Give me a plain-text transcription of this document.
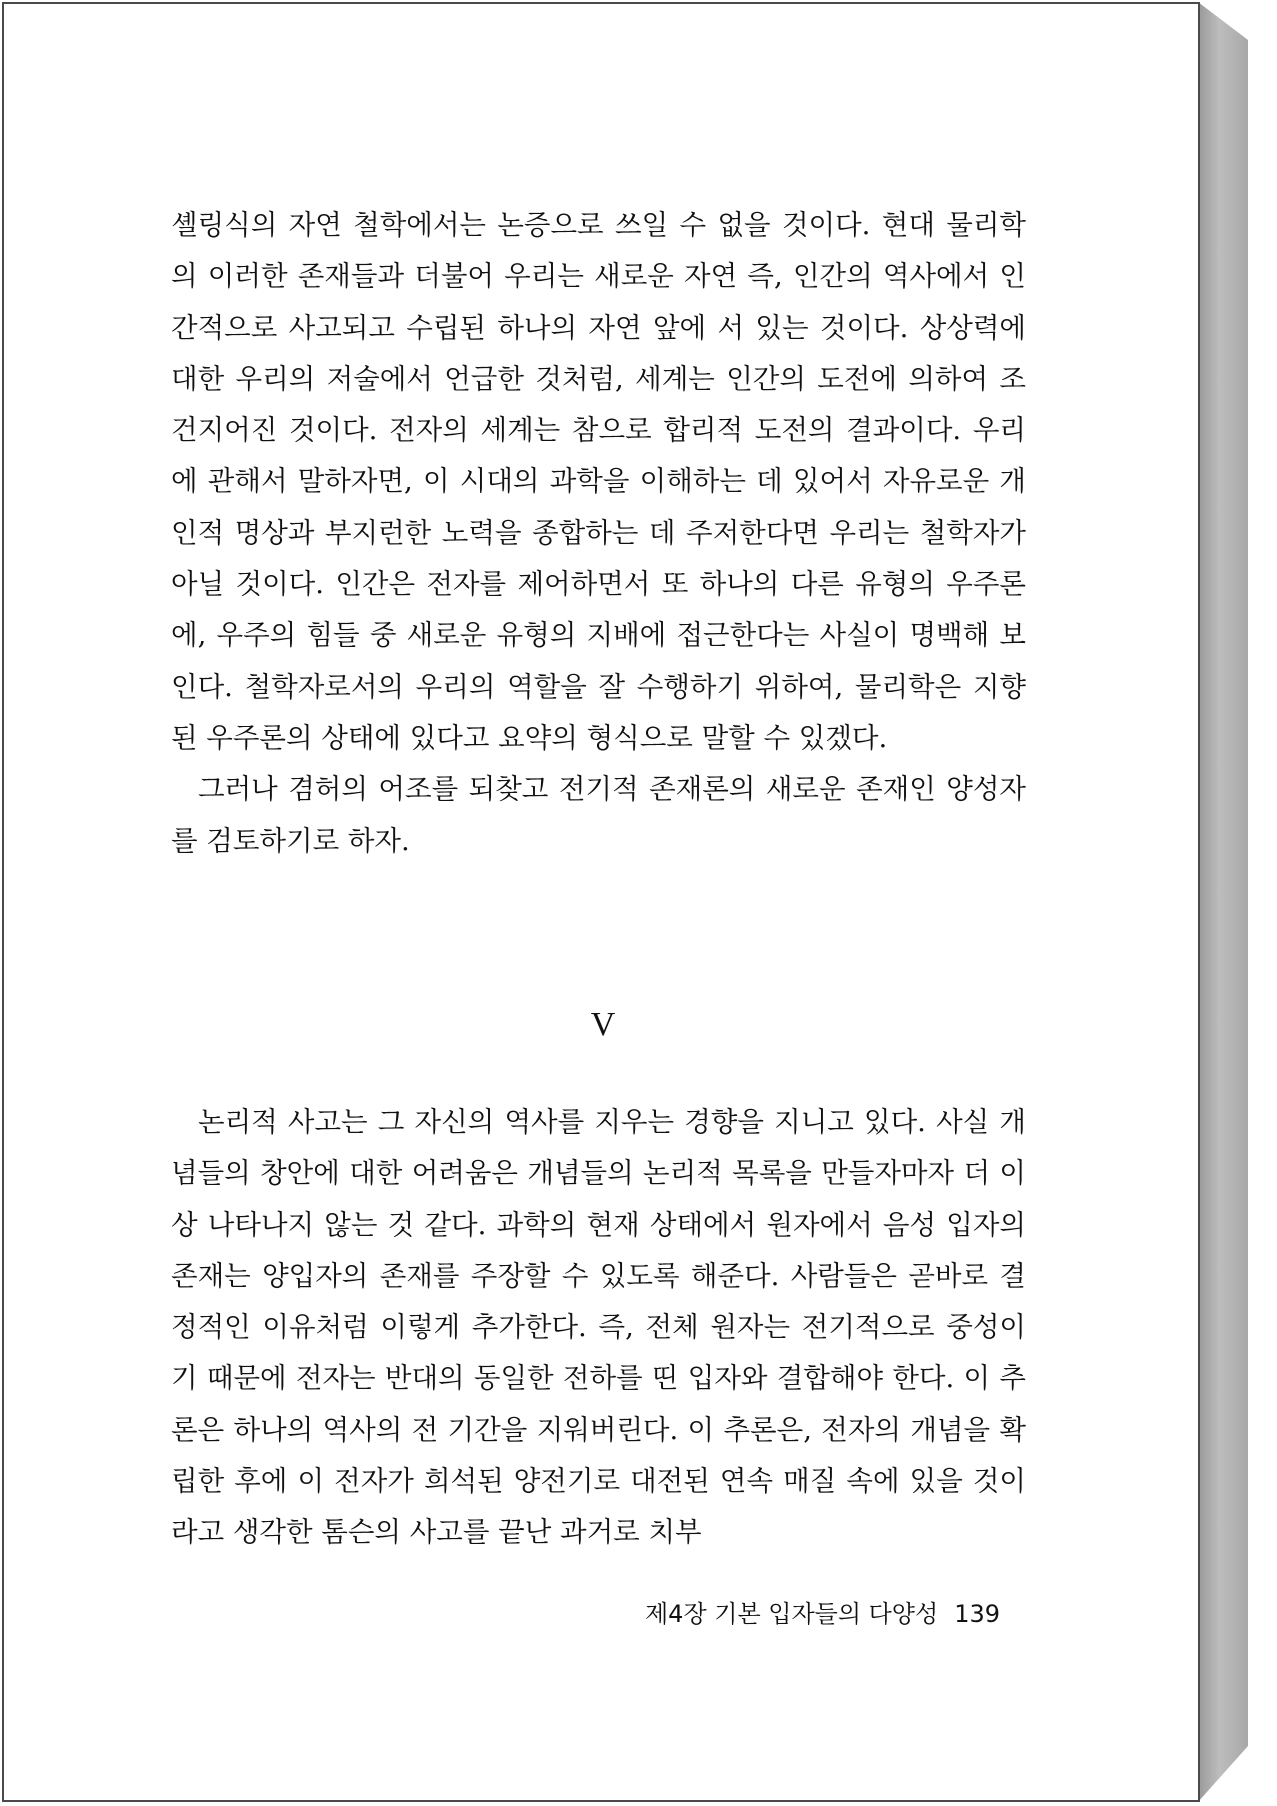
셸링식의 자연 철학에서는 논증으로 쓰일 수 없을 것이다. 현대 물리학의 이러한 존재들과 더불어 우리는 새로운 자연 즉, 인간의 역사에서 인간적으로 사고되고 수립된 하나의 자연 앞에 서 있는 것이다. 상상력에 대한 우리의 저술에서 언급한 것처럼, 세계는 인간의 도전에 의하여 조건지어진 것이다. 전자의 세계는 참으로 합리적 도전의 결과이다. 우리에 관해서 말하자면, 이 시대의 과학을 이해하는 데 있어서 자유로운 개인적 명상과 부지런한 노력을 종합하는 데 주저한다면 우리는 철학자가 아닐 것이다. 인간은 전자를 제어하면서 또 하나의 다른 유형의 우주론에, 우주의 힘들 중 새로운 유형의 지배에 접근한다는 사실이 명백해 보인다. 철학자로서의 우리의 역할을 잘 수행하기 위하여, 물리학은 지향된 우주론의 상태에 있다고 요약의 형식으로 말할 수 있겠다.

그러나 겸허의 어조를 되찾고 전기적 존재론의 새로운 존재인 양성자를 검토하기로 하자.

V

논리적 사고는 그 자신의 역사를 지우는 경향을 지니고 있다. 사실 개념들의 창안에 대한 어려움은 개념들의 논리적 목록을 만들자마자 더 이상 나타나지 않는 것 같다. 과학의 현재 상태에서 원자에서 음성 입자의 존재는 양입자의 존재를 주장할 수 있도록 해준다. 사람들은 곧바로 결정적인 이유처럼 이렇게 추가한다. 즉, 전체 원자는 전기적으로 중성이기 때문에 전자는 반대의 동일한 전하를 띤 입자와 결합해야 한다. 이 추론은 하나의 역사의 전 기간을 지워버린다. 이 추론은, 전자의 개념을 확립한 후에 이 전자가 희석된 양전기로 대전된 연속 매질 속에 있을 것이라고 생각한 톰슨의 사고를 끝난 과거로 치부

제4장 기본 입자들의 다양성 139
